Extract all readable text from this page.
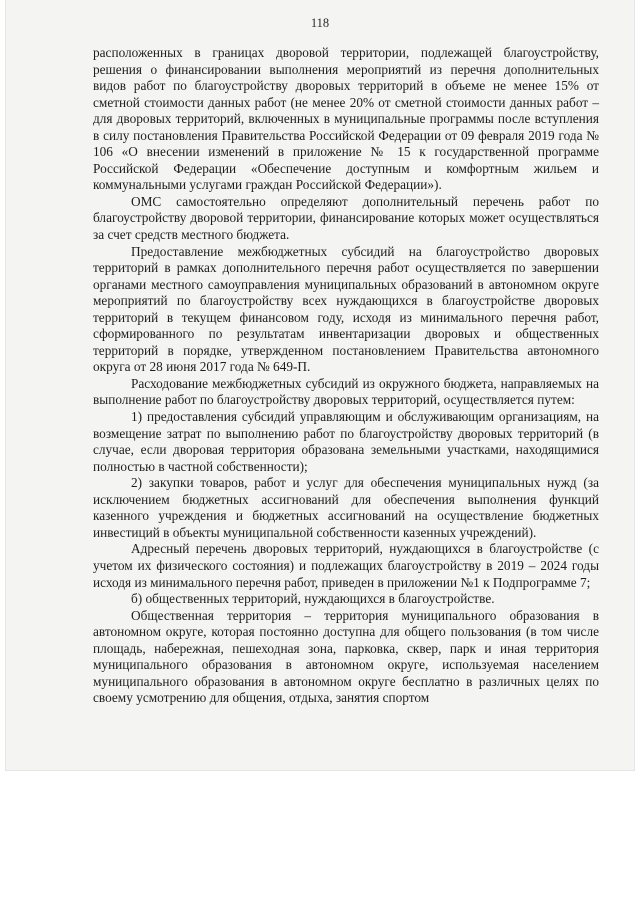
118

расположенных в границах дворовой территории, подлежащей благоустройству, решения о финансировании выполнения мероприятий из перечня дополнительных видов работ по благоустройству дворовых территорий в объеме не менее 15% от сметной стоимости данных работ (не менее 20% от сметной стоимости данных работ – для дворовых территорий, включенных в муниципальные программы после вступления в силу постановления Правительства Российской Федерации от 09 февраля 2019 года № 106 «О внесении изменений в приложение № 15 к государственной программе Российской Федерации «Обеспечение доступным и комфортным жильем и коммунальными услугами граждан Российской Федерации»).

ОМС самостоятельно определяют дополнительный перечень работ по благоустройству дворовой территории, финансирование которых может осуществляться за счет средств местного бюджета.

Предоставление межбюджетных субсидий на благоустройство дворовых территорий в рамках дополнительного перечня работ осуществляется по завершении органами местного самоуправления муниципальных образований в автономном округе мероприятий по благоустройству всех нуждающихся в благоустройстве дворовых территорий в текущем финансовом году, исходя из минимального перечня работ, сформированного по результатам инвентаризации дворовых и общественных территорий в порядке, утвержденном постановлением Правительства автономного округа от 28 июня 2017 года № 649-П.

Расходование межбюджетных субсидий из окружного бюджета, направляемых на выполнение работ по благоустройству дворовых территорий, осуществляется путем:

1) предоставления субсидий управляющим и обслуживающим организациям, на возмещение затрат по выполнению работ по благоустройству дворовых территорий (в случае, если дворовая территория образована земельными участками, находящимися полностью в частной собственности);

2) закупки товаров, работ и услуг для обеспечения муниципальных нужд (за исключением бюджетных ассигнований для обеспечения выполнения функций казенного учреждения и бюджетных ассигнований на осуществление бюджетных инвестиций в объекты муниципальной собственности казенных учреждений).

Адресный перечень дворовых территорий, нуждающихся в благоустройстве (с учетом их физического состояния) и подлежащих благоустройству в 2019 – 2024 годы исходя из минимального перечня работ, приведен в приложении №1 к Подпрограмме 7;

б) общественных территорий, нуждающихся в благоустройстве.

Общественная территория – территория муниципального образования в автономном округе, которая постоянно доступна для общего пользования (в том числе площадь, набережная, пешеходная зона, парковка, сквер, парк и иная территория муниципального образования в автономном округе, используемая населением муниципального образования в автономном округе бесплатно в различных целях по своему усмотрению для общения, отдыха, занятия спортом
